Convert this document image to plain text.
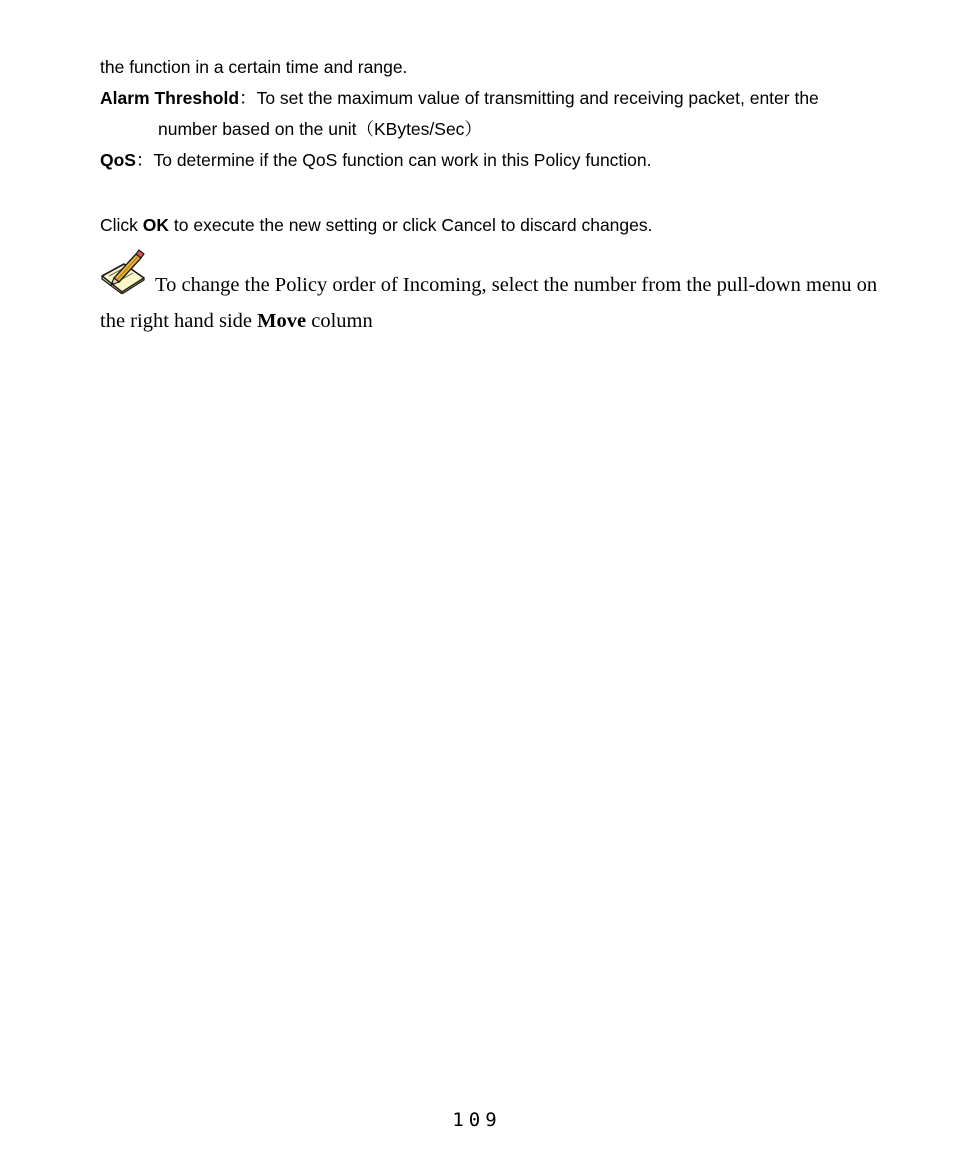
the function in a certain time and range.
Alarm Threshold：To set the maximum value of transmitting and receiving packet, enter the
number based on the unit（KBytes/Sec）
QoS：To determine if the QoS function can work in this Policy function.
Click OK to execute the new setting or click Cancel to discard changes.
To change the Policy order of Incoming, select the number from the pull-down menu on
the right hand side Move column
109
